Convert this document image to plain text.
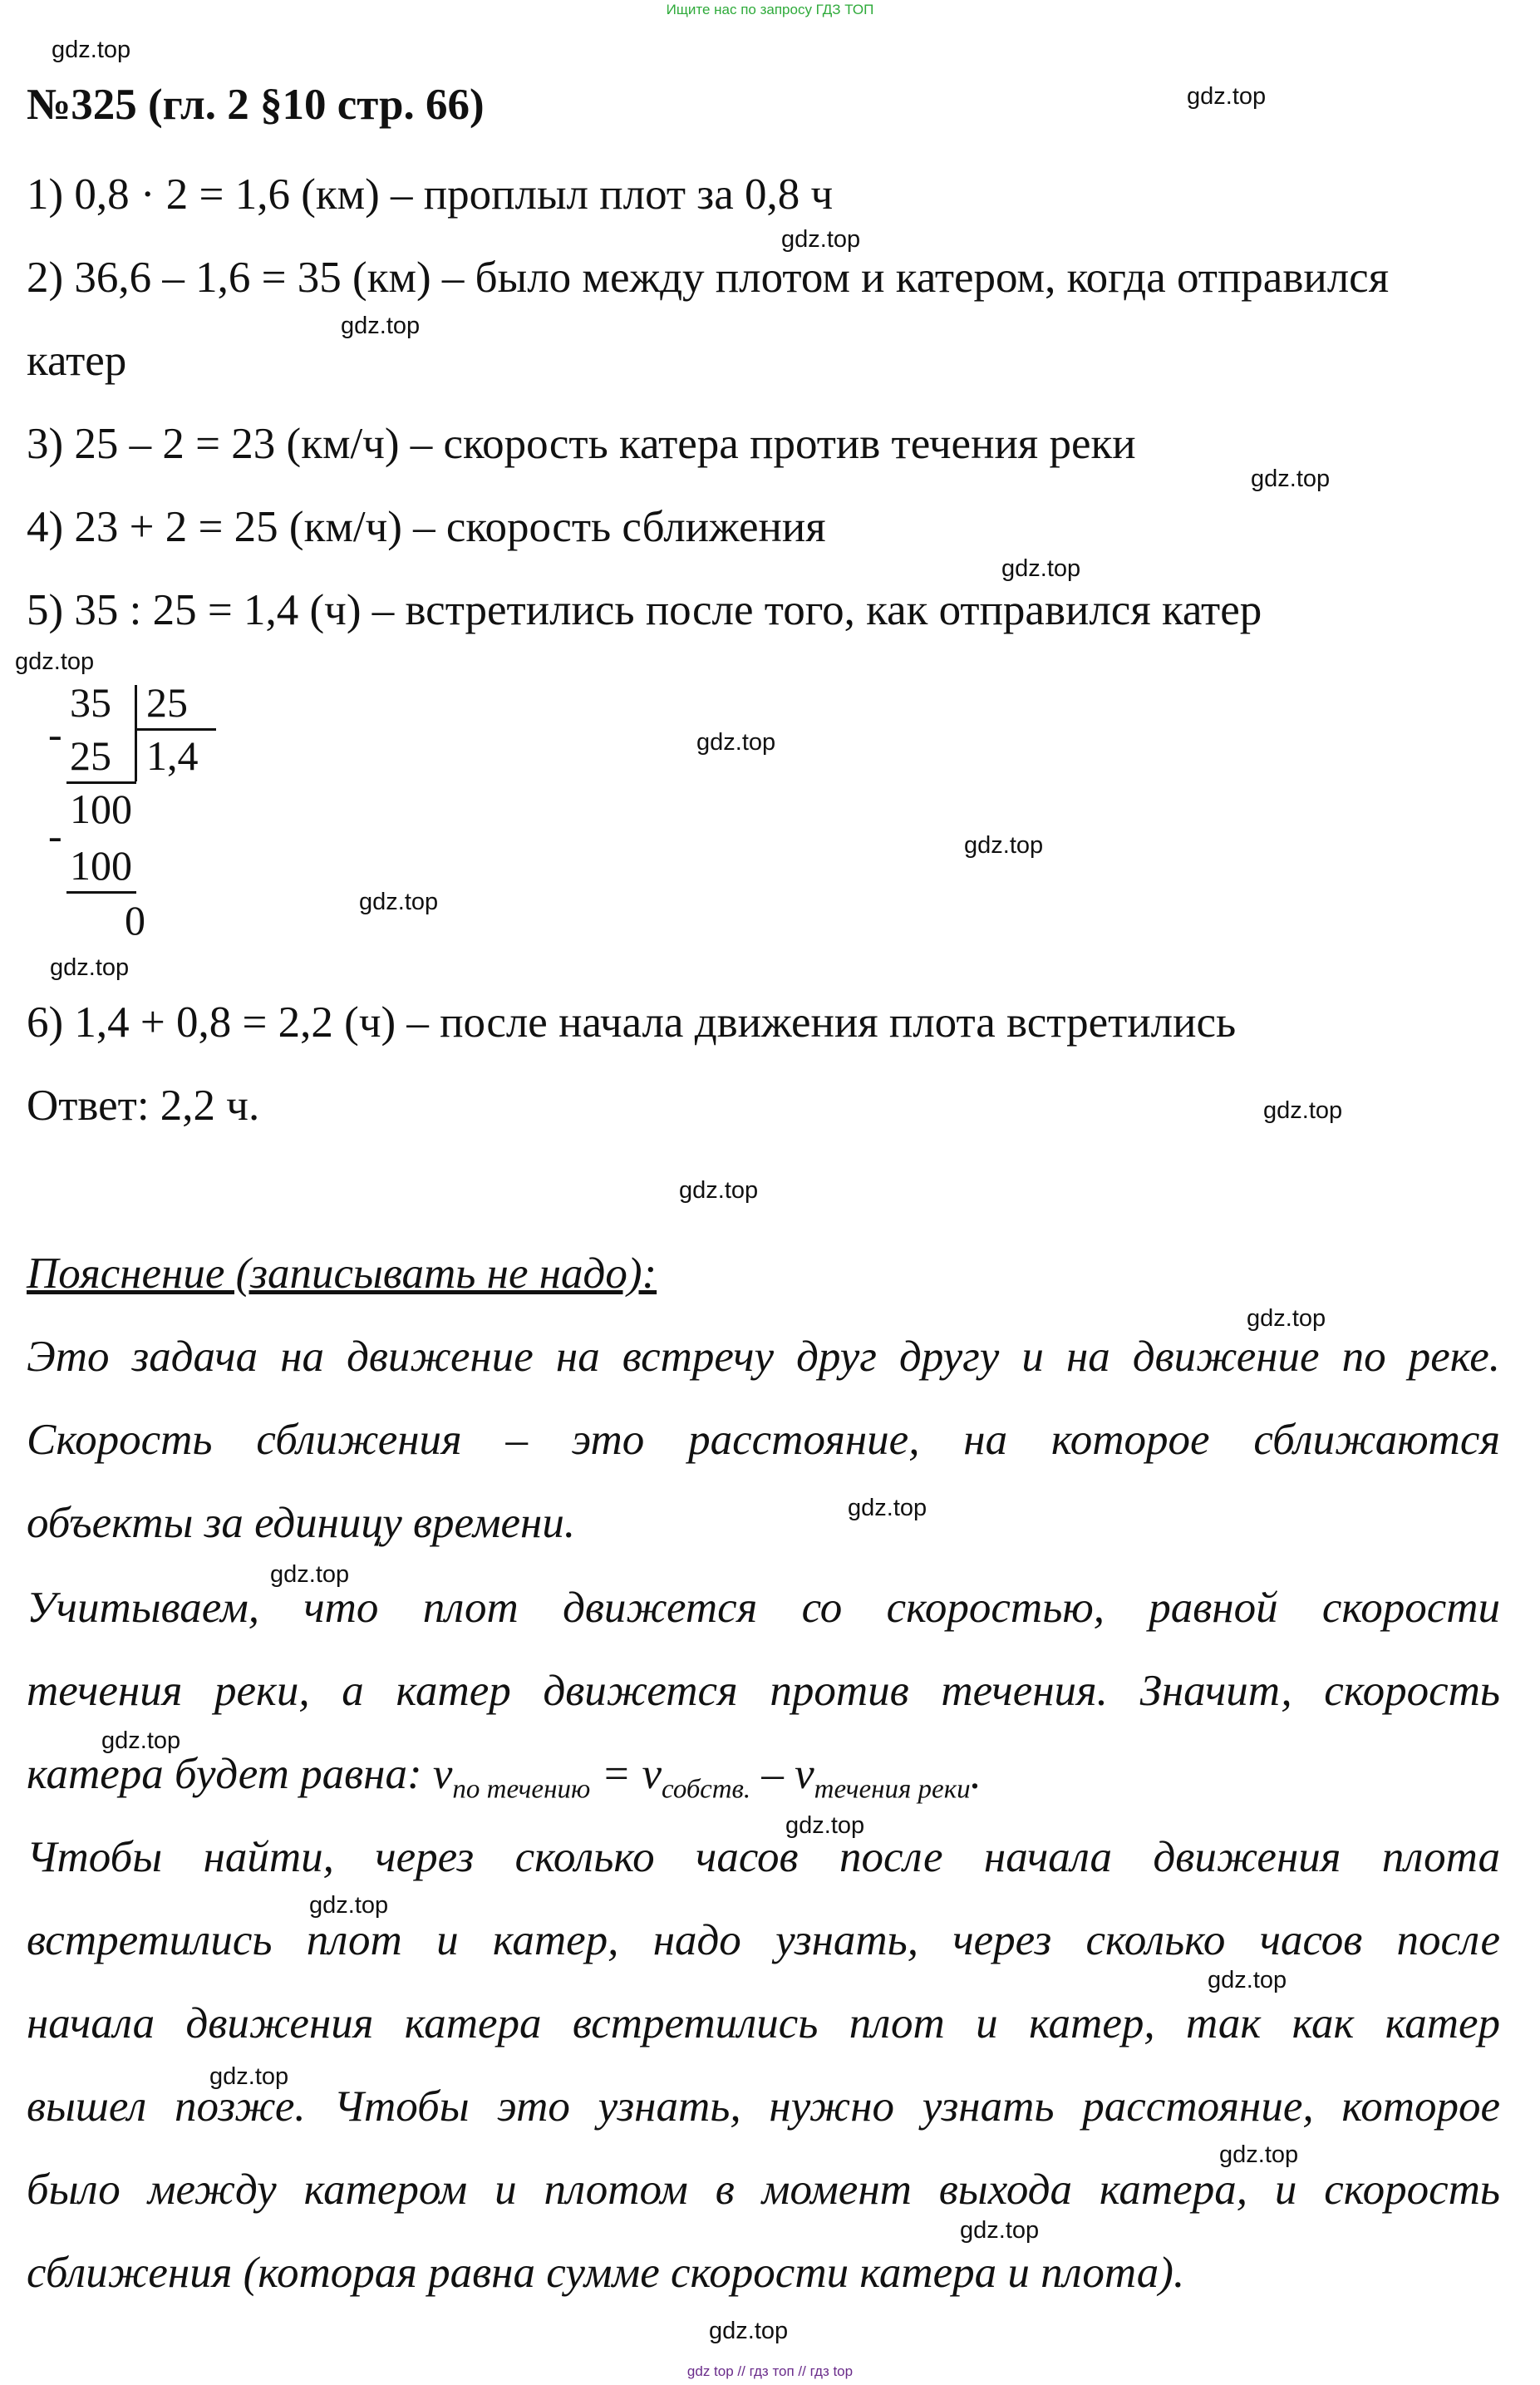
Ищите нас по запросу ГДЗ ТОП
gdz.top
gdz.top
gdz.top
gdz.top
gdz.top
gdz.top
gdz.top
gdz.top
gdz.top
gdz.top
gdz.top
gdz.top
gdz.top
gdz.top
gdz.top
gdz.top
gdz.top
gdz.top
gdz.top
gdz.top
gdz.top
gdz.top
gdz.top
gdz.top
№325 (гл. 2 §10 стр. 66)
1) 0,8 · 2 = 1,6 (км) – проплыл плот за 0,8 ч
2) 36,6 – 1,6 = 35 (км) – было между плотом и катером, когда отправился
катер
3) 25 – 2 = 23 (км/ч) – скорость катера против течения реки
4) 23 + 2 = 25 (км/ч) – скорость сближения
5) 35 : 25 = 1,4 (ч) – встретились после того, как отправился катер
-
35 25
1,4
25
-
100
100
0
6) 1,4 + 0,8 = 2,2 (ч) – после начала движения плота встретились
Ответ: 2,2 ч.
Пояснение (записывать не надо):
Это задача на движение на встречу друг другу и на движение по реке.
Скорость сближения – это расстояние, на которое сближаются
объекты за единицу времени.
Учитываем, что плот движется со скоростью, равной скорости
течения реки, а катер движется против течения. Значит, скорость
катера будет равна: $v_{по течению} = v_{собств.} - v_{течения реки}$.
Чтобы найти, через сколько часов после начала движения плота
встретились плот и катер, надо узнать, через сколько часов после
начала движения катера встретились плот и катер, так как катер
вышел позже. Чтобы это узнать, нужно узнать расстояние, которое
было между катером и плотом в момент выхода катера, и скорость
сближения (которая равна сумме скорости катера и плота).
gdz top // гдз топ // гдз top
